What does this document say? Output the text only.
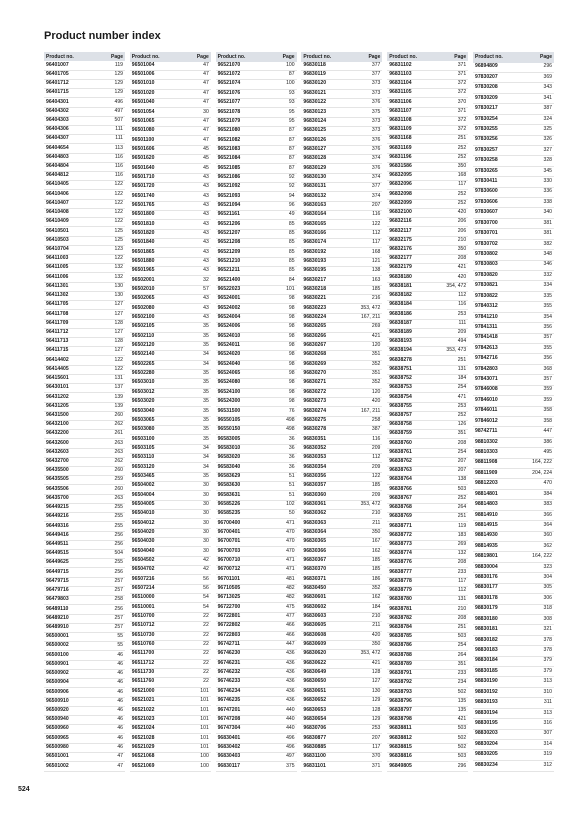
Product number index
Product no.	Page
96401007	119
96401705	129
96401712	129
96401715	129
96404301	496
96404302	497
96404303	507
96404306	111
96404307	111
96404654	113
96404803	116
96404804	116
96404812	116
96410405	122
96410406	122
96410407	122
96410408	122
96410409	122
96410501	125
96410503	125
96410704	123
96411003	122
96411005	132
96411006	132
96411301	130
96411302	130
96411705	127
96411708	127
96411709	128
96411712	127
96411713	128
96411715	127
96414402	122
96414405	122
96415601	131
96430101	137
96431202	139
96431205	139
96431500	260
96432100	262
96432200	261
96432600	263
96432603	263
96432700	262
96435500	260
96435505	259
96435506	260
96435700	263
96449215	255
96449216	255
96449316	255
96449416	256
96449511	256
96449515	504
96449625	255
96449715	256
96479715	257
96479716	257
96479803	258
96489110	256
96489210	257
96489910	257
96500001	55
96500002	55
96500100	46
96500901	46
96500902	46
96500904	46
96500906	46
96500910	46
96500920	46
96500940	46
96500960	46
96500965	46
96500980	46
96501001	47
96501002	47
Product no.	Page
96501004	47
96501006	47
96501010	47
96501020	47
96501040	47
96501054	30
96501065	47
96501080	47
96501100	47
96501606	45
96501620	45
96501640	45
96501710	43
96501720	43
96501740	43
96501765	43
96501800	43
96501810	43
96501820	43
96501840	43
96501865	43
96501880	43
96501965	43
96502001	32
96502010	57
96502065	43
96502080	43
96502100	43
96502105	35
96502110	35
96502120	35
96502140	34
96502265	34
96502280	35
96503010	35
96503012	35
96503020	35
96503040	35
96503065	35
96503080	35
96503100	35
96503105	34
96503110	34
96503120	34
96503465	35
96504002	30
96504004	30
96504005	30
96504010	30
96504012	30
96504020	30
96504030	30
96504040	30
96504502	42
96504702	42
96507216	56
96507214	56
96510000	54
96510001	54
96510700	22
96510712	22
96510730	22
96510760	22
96511700	22
96511712	22
96511730	22
96511760	22
96521000	101
96521021	101
96521022	101
96521023	101
96521024	101
96521028	101
96521029	101
96521068	100
96521069	100
Product no.	Page
96521070	100
96521072	87
96521074	100
96521076	93
96521077	93
96521078	95
96521079	95
96521080	87
96521082	87
96521083	87
96521084	87
96521085	87
96521086	92
96521092	92
96521093	94
96521094	96
96521161	49
96521206	85
96521207	85
96521208	85
96521209	85
96521210	85
96521211	85
96521400	84
96522023	101
96524001	98
96524002	98
96524004	98
96524006	98
96524010	98
96524011	98
96524020	98
96524040	98
96524065	98
96524080	98
96524100	98
96524300	98
96531500	76
96550105	498
96550150	498
96583005	36
96583010	36
96583020	36
96583040	36
96583629	51
96583630	51
96583631	51
96585226	102
96585235	50
96700400	471
96700401	470
96700701	470
96700703	470
96700710	471
96700712	471
96701101	481
96710505	482
96713025	482
96722700	475
96722801	477
96722802	466
96722803	466
96742711	447
96746230	436
96746231	436
96746232	436
96746233	436
96746234	436
96746235	436
96747201	440
96747208	440
96747304	440
96830401	496
96830402	496
96830403	497
96830117	375
Product no.	Page
96830118	377
96830119	377
96830120	373
96830121	373
96830122	376
96830123	375
96830124	373
96830125	373
96830126	376
96830127	376
96830128	374
96830129	376
96830130	374
96830131	377
96830132	374
96830163	207
96830164	116
96830165	122
96830166	112
96830174	117
96830192	168
96830193	121
96830195	138
96830217	163
96830218	185
96830221	216
96830223	353, 472
96830224	167, 211
96830265	269
96830266	421
96830267	120
96830268	351
96830269	352
96830270	351
96830271	352
96830272	120
96830273	420
96830274	167, 211
96830275	258
96830278	387
96830351	116
96830352	209
96830353	112
96830354	209
96830356	122
96830357	185
96830360	209
96830361	353, 472
96830362	210
96830363	211
96830364	350
96830365	167
96830366	162
96830367	185
96830370	185
96830371	186
96830450	352
96830601	162
96830602	184
96830603	210
96830605	211
96830608	420
96830609	350
96830620	353, 472
96830622	421
96830649	128
96830650	127
96830651	130
96830652	129
96830653	128
96830654	129
96830706	253
96830877	207
96830885	117
96831100	370
96831101	371
Product no.	Page
96831102	371
96831103	371
96831104	372
96831105	372
96831106	370
96831107	371
96831108	372
96831109	372
96831168	251
96831169	252
96831196	252
96831586	350
96832095	168
96832096	117
96832098	252
96832099	252
96832100	420
96832116	206
96832117	206
96832175	210
96832176	350
96832177	208
96832179	421
96838180	420
96838181	354, 472
96838182	112
96838184	116
96838186	253
96838187	111
96838189	209
96838193	494
96838194	353, 473
96838278	251
96838751	131
96838752	184
96838753	254
96838754	471
96838755	253
96838757	252
96838758	126
96838759	351
96838760	208
96838761	254
96838762	207
96838763	207
96838764	138
96838766	503
96838767	252
96838768	264
96838769	251
96838771	119
96838772	183
96838773	269
96838774	132
96838776	208
96838777	233
96838778	117
96838779	112
96838780	131
96838781	210
96838782	208
96838784	251
96838785	503
96838786	254
96838788	264
96838789	351
96838791	233
96838792	234
96838793	502
96838796	135
96838797	135
96838798	421
96838811	503
96838812	502
96838815	502
96838816	503
96849805	296
Product no.	Page
96894809	296
97830207	369
97830208	343
97830209	341
97830217	387
97830254	324
97830255	325
97830256	326
97830257	327
97830258	328
97830265	345
97830411	330
97830600	336
97830606	338
97830607	340
97830700	381
97830701	381
97830702	382
97830802	348
97830803	346
97830820	332
97830821	334
97830822	335
97840312	355
97841210	354
97841311	356
97841418	357
97842613	355
97842716	356
97842803	368
97843071	357
97846008	359
97846010	359
97846011	358
97846012	358
98742711	447
98810302	386
98810303	495
98811908	164, 222
98811909	204, 224
98812203	470
98814801	384
98814803	383
98814910	366
98814915	364
98814930	360
98814935	362
98819801	164, 222
98830004	323
98830176	304
98830177	305
98830178	306
98830179	318
98830180	308
98830181	321
98830182	378
98830183	378
98830184	379
98830185	379
98830190	313
98830192	310
98830193	311
98830194	313
98830195	316
98830203	307
98830204	314
98830205	319
98830234	312
524
